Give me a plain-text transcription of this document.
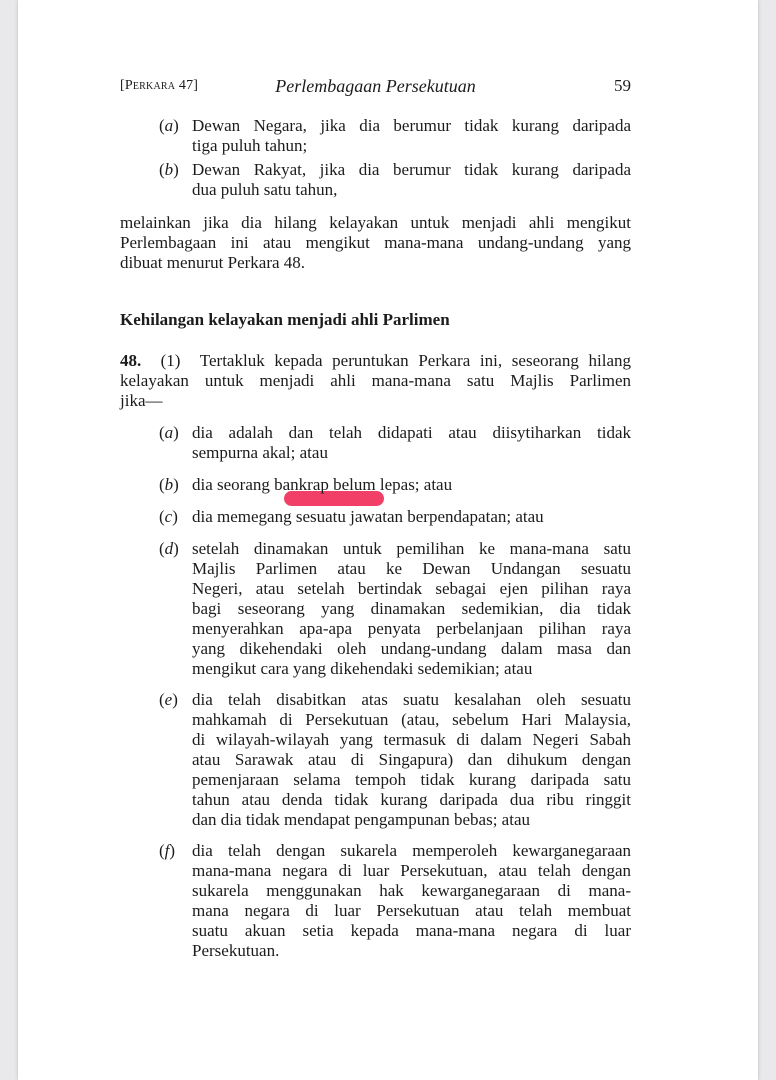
[Perkara 47]	Perlembagaan Persekutuan	59
(a) Dewan Negara, jika dia berumur tidak kurang daripada
tiga puluh tahun;
(b) Dewan Rakyat, jika dia berumur tidak kurang daripada
dua puluh satu tahun,
melainkan jika dia hilang kelayakan untuk menjadi ahli mengikut
Perlembagaan ini atau mengikut mana-mana undang-undang yang
dibuat menurut Perkara 48.
Kehilangan kelayakan menjadi ahli Parlimen
48. (1) Tertakluk kepada peruntukan Perkara ini, seseorang hilang
kelayakan untuk menjadi ahli mana-mana satu Majlis Parlimen
jika—
(a) dia adalah dan telah didapati atau diisytiharkan tidak
sempurna akal; atau
(b) dia seorang bankrap belum lepas; atau
(c) dia memegang sesuatu jawatan berpendapatan; atau
(d) setelah dinamakan untuk pemilihan ke mana-mana satu
Majlis Parlimen atau ke Dewan Undangan sesuatu
Negeri, atau setelah bertindak sebagai ejen pilihan raya
bagi seseorang yang dinamakan sedemikian, dia tidak
menyerahkan apa-apa penyata perbelanjaan pilihan raya
yang dikehendaki oleh undang-undang dalam masa dan
mengikut cara yang dikehendaki sedemikian; atau
(e) dia telah disabitkan atas suatu kesalahan oleh sesuatu
mahkamah di Persekutuan (atau, sebelum Hari Malaysia,
di wilayah-wilayah yang termasuk di dalam Negeri Sabah
atau Sarawak atau di Singapura) dan dihukum dengan
pemenjaraan selama tempoh tidak kurang daripada satu
tahun atau denda tidak kurang daripada dua ribu ringgit
dan dia tidak mendapat pengampunan bebas; atau
(f) dia telah dengan sukarela memperoleh kewarganegaraan
mana-mana negara di luar Persekutuan, atau telah dengan
sukarela menggunakan hak kewarganegaraan di mana-
mana negara di luar Persekutuan atau telah membuat
suatu akuan setia kepada mana-mana negara di luar
Persekutuan.
